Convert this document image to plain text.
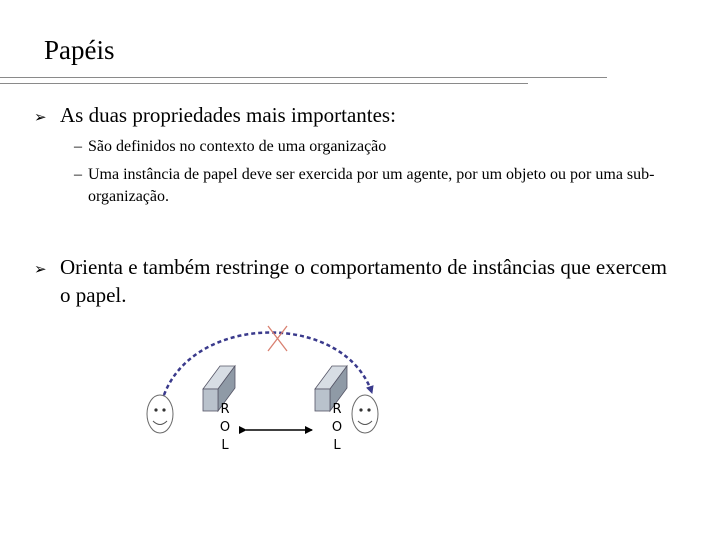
Papéis
➢ As duas propriedades mais importantes:
– São definidos no contexto de uma organização
– Uma instância de papel deve ser exercida por um agente, por um objeto ou por uma sub-organização.
➢ Orienta e também restringe o comportamento de instâncias que exercem o papel.
R
O
L
R
O
L
